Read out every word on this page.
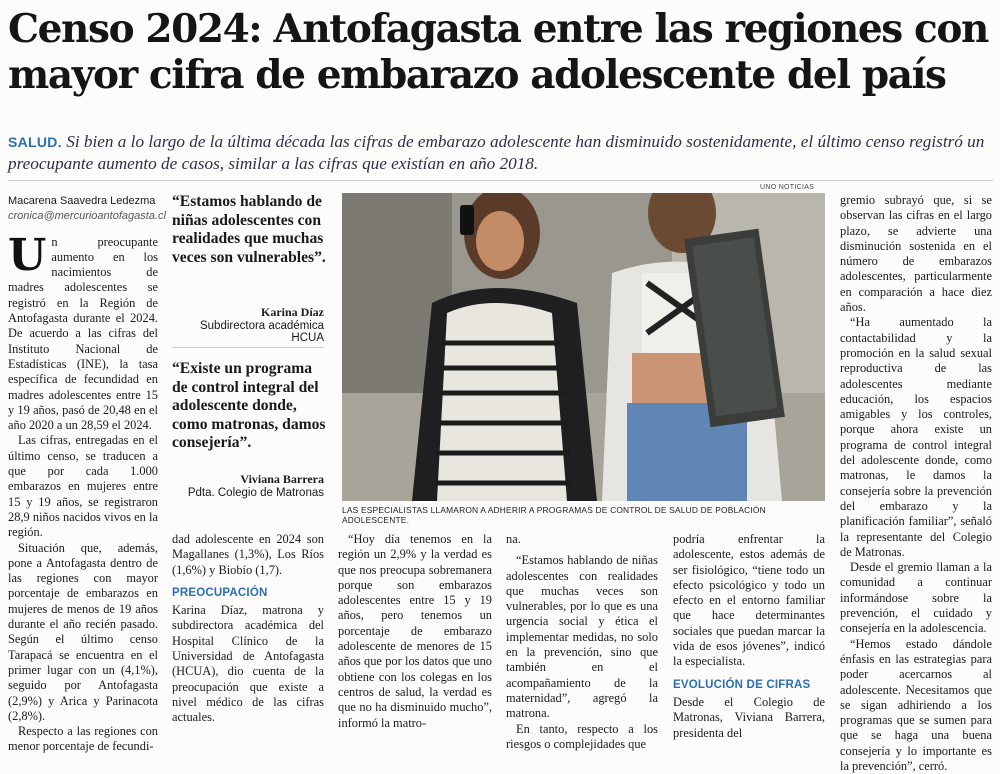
Censo 2024: Antofagasta entre las regiones con mayor cifra de embarazo adolescente del país
SALUD. Si bien a lo largo de la última década las cifras de embarazo adolescente han disminuido sostenidamente, el último censo registró un preocupante aumento de casos, similar a las cifras que existían en año 2018.
Macarena Saavedra Ledezma
cronica@mercurioantofagasta.cl

Un preocupante aumento en los nacimientos de madres adolescentes se registró en la Región de Antofagasta durante el 2024. De acuerdo a las cifras del Instituto Nacional de Estadísticas (INE), la tasa específica de fecundidad en madres adolescentes entre 15 y 19 años, pasó de 20,48 en el año 2020 a un 28,59 el 2024.

Las cifras, entregadas en el último censo, se traducen a que por cada 1.000 embarazos en mujeres entre 15 y 19 años, se registraron 28,9 niños nacidos vivos en la región.

Situación que, además, pone a Antofagasta dentro de las regiones con mayor porcentaje de embarazos en mujeres de menos de 19 años durante el año recién pasado. Según el último censo Tarapacá se encuentra en el primer lugar con un (4,1%), seguido por Antofagasta (2,9%) y Arica y Parinacota (2,8%).

Respecto a las regiones con menor porcentaje de fecundi-

“Estamos hablando de niñas adolescentes con realidades que muchas veces son vulnerables”.
Karina Díaz
Subdirectora académica HCUA
“Existe un programa de control integral del adolescente donde, como matronas, damos consejería”.
Viviana Barrera
Pdta. Colegio de Matronas
UNO NOTICIAS
LAS ESPECIALISTAS LLAMARON A ADHERIR A PROGRAMAS DE CONTROL DE SALUD DE POBLACIÓN ADOLESCENTE.

dad adolescente en 2024 son Magallanes (1,3%), Los Ríos (1,6%) y Biobío (1,7).

PREOCUPACIÓN

Karina Díaz, matrona y subdirectora académica del Hospital Clínico de la Universidad de Antofagasta (HCUA), dio cuenta de la preocupación que existe a nivel médico de las cifras actuales.

“Hoy día tenemos en la región un 2,9% y la verdad es que nos preocupa sobremanera porque son embarazos adolescentes entre 15 y 19 años, pero tenemos un porcentaje de embarazo adolescente de menores de 15 años que por los datos que uno obtiene con los colegas en los centros de salud, la verdad es que no ha disminuido mucho”, informó la matro-

na.

“Estamos hablando de niñas adolescentes con realidades que muchas veces son vulnerables, por lo que es una urgencia social y ética el implementar medidas, no solo en la prevención, sino que también en el acompañamiento de la maternidad”, agregó la matrona.

En tanto, respecto a los riesgos o complejidades que

podría enfrentar la adolescente, estos además de ser fisiológico, “tiene todo un efecto psicológico y todo un efecto en el entorno familiar que hace determinantes sociales que puedan marcar la vida de esos jóvenes”, indicó la especialista.

EVOLUCIÓN DE CIFRAS

Desde el Colegio de Matronas, Viviana Barrera, presidenta del

gremio subrayó que, si se observan las cifras en el largo plazo, se advierte una disminución sostenida en el número de embarazos adolescentes, particularmente en comparación a hace diez años.

“Ha aumentado la contactabilidad y la promoción en la salud sexual reproductiva de las adolescentes mediante educación, los espacios amigables y los controles, porque ahora existe un programa de control integral del adolescente donde, como matronas, le damos la consejería sobre la prevención del embarazo y la planificación familiar”, señaló la representante del Colegio de Matronas.

Desde el gremio llaman a la comunidad a continuar informándose sobre la prevención, el cuidado y consejería en la adolescencia.

“Hemos estado dándole énfasis en las estrategias para poder acercarnos al adolescente. Necesitamos que se sigan adhiriendo a los programas que se sumen para que se haga una buena consejería y lo importante es la prevención”, cerró.
